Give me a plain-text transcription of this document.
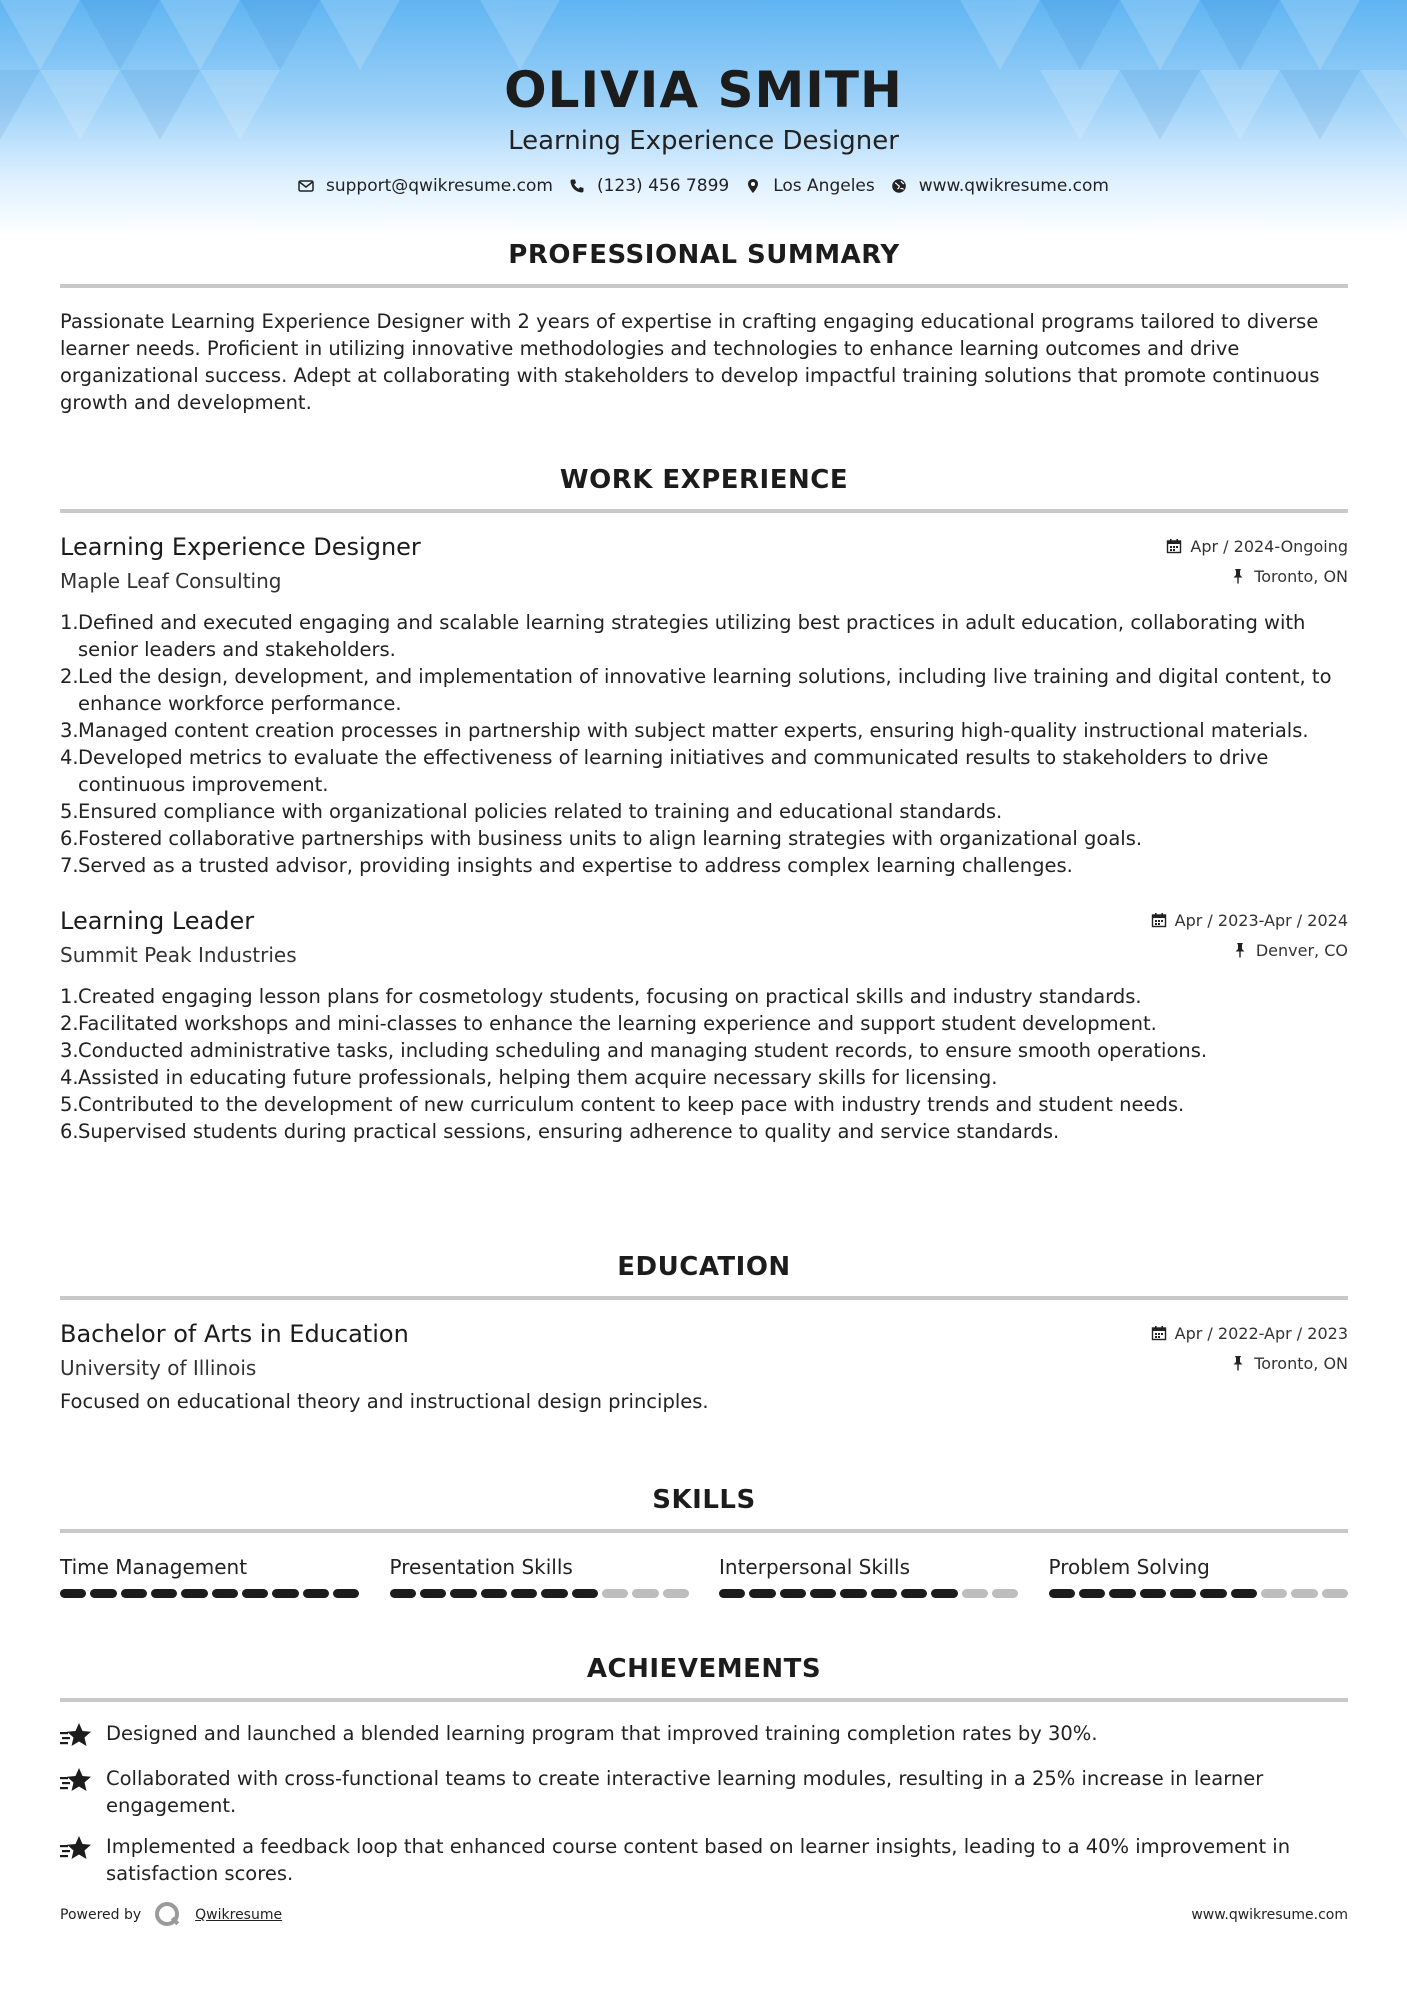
OLIVIA SMITH
Learning Experience Designer
support@qwikresume.com	(123) 456 7899	Los Angeles	www.qwikresume.com
PROFESSIONAL SUMMARY
Passionate Learning Experience Designer with 2 years of expertise in crafting engaging educational programs tailored to diverse learner needs. Proficient in utilizing innovative methodologies and technologies to enhance learning outcomes and drive organizational success. Adept at collaborating with stakeholders to develop impactful training solutions that promote continuous growth and development.
WORK EXPERIENCE
Learning Experience Designer
Maple Leaf Consulting
Apr / 2024-Ongoing
Toronto, ON
1. Defined and executed engaging and scalable learning strategies utilizing best practices in adult education, collaborating with senior leaders and stakeholders.
2. Led the design, development, and implementation of innovative learning solutions, including live training and digital content, to enhance workforce performance.
3. Managed content creation processes in partnership with subject matter experts, ensuring high-quality instructional materials.
4. Developed metrics to evaluate the effectiveness of learning initiatives and communicated results to stakeholders to drive continuous improvement.
5. Ensured compliance with organizational policies related to training and educational standards.
6. Fostered collaborative partnerships with business units to align learning strategies with organizational goals.
7. Served as a trusted advisor, providing insights and expertise to address complex learning challenges.
Learning Leader
Summit Peak Industries
Apr / 2023-Apr / 2024
Denver, CO
1. Created engaging lesson plans for cosmetology students, focusing on practical skills and industry standards.
2. Facilitated workshops and mini-classes to enhance the learning experience and support student development.
3. Conducted administrative tasks, including scheduling and managing student records, to ensure smooth operations.
4. Assisted in educating future professionals, helping them acquire necessary skills for licensing.
5. Contributed to the development of new curriculum content to keep pace with industry trends and student needs.
6. Supervised students during practical sessions, ensuring adherence to quality and service standards.
EDUCATION
Bachelor of Arts in Education
University of Illinois
Apr / 2022-Apr / 2023
Toronto, ON
Focused on educational theory and instructional design principles.
SKILLS
Time Management	Presentation Skills	Interpersonal Skills	Problem Solving
ACHIEVEMENTS
Designed and launched a blended learning program that improved training completion rates by 30%.
Collaborated with cross-functional teams to create interactive learning modules, resulting in a 25% increase in learner engagement.
Implemented a feedback loop that enhanced course content based on learner insights, leading to a 40% improvement in satisfaction scores.
Powered by	Qwikresume	www.qwikresume.com
